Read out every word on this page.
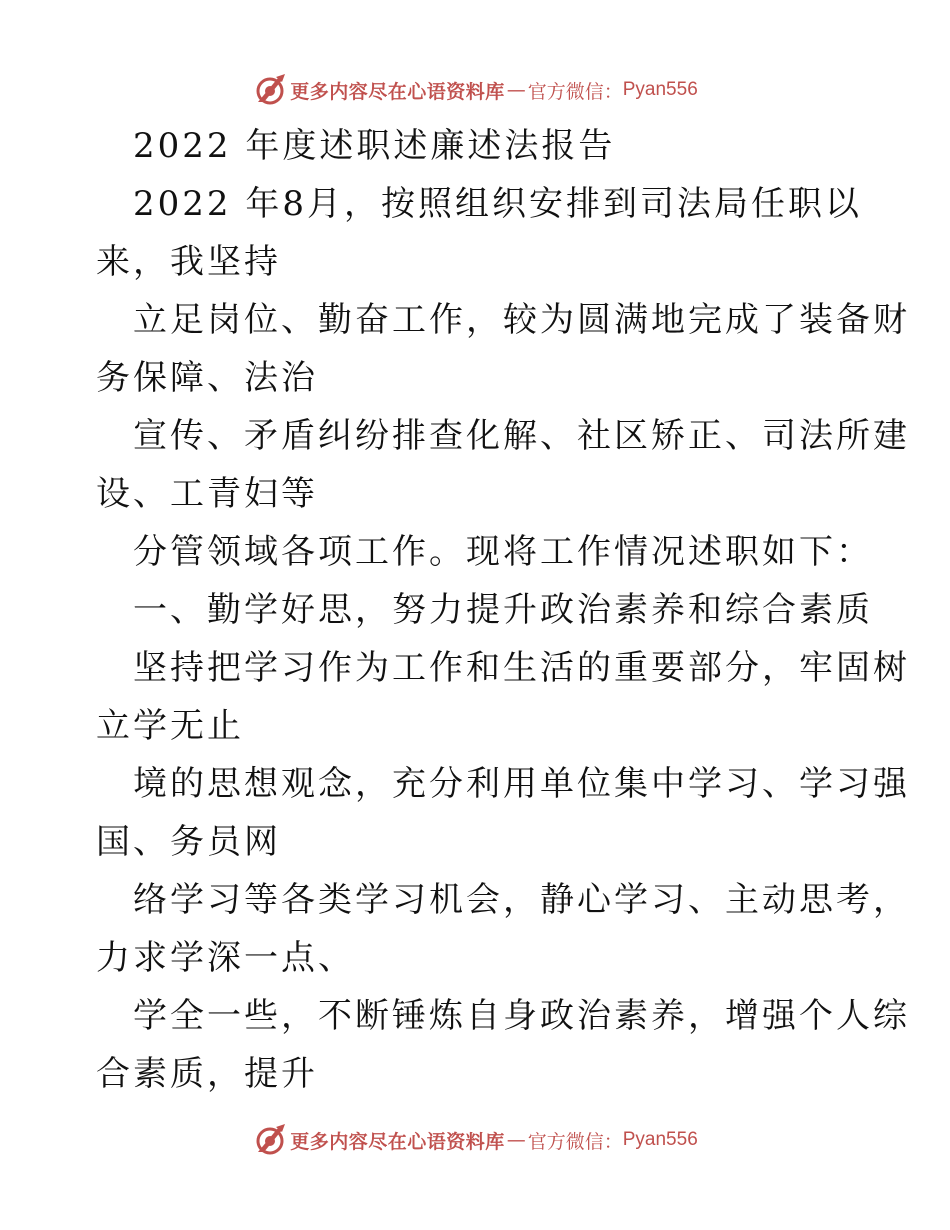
更多内容尽在心语资料库 — 官方微信： Pyan556
2022 年度述职述廉述法报告
2022 年8月，按照组织安排到司法局任职以
来，我坚持
立足岗位、勤奋工作，较为圆满地完成了装备财
务保障、法治
宣传、矛盾纠纷排查化解、社区矫正、司法所建
设、工青妇等
分管领域各项工作。现将工作情况述职如下：
一、勤学好思，努力提升政治素养和综合素质
坚持把学习作为工作和生活的重要部分，牢固树
立学无止
境的思想观念，充分利用单位集中学习、学习强
国、务员网
络学习等各类学习机会，静心学习、主动思考，
力求学深一点、
学全一些，不断锤炼自身政治素养，增强个人综
合素质，提升
更多内容尽在心语资料库 — 官方微信： Pyan556
